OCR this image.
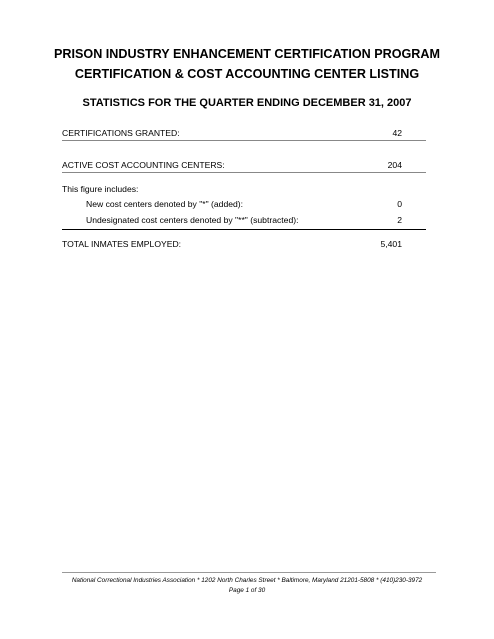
PRISON INDUSTRY ENHANCEMENT CERTIFICATION PROGRAM
CERTIFICATION & COST ACCOUNTING CENTER LISTING
STATISTICS FOR THE QUARTER ENDING DECEMBER 31, 2007
CERTIFICATIONS GRANTED:	42
ACTIVE COST ACCOUNTING CENTERS:	204
This figure includes:
New cost centers denoted by "*" (added):	0
Undesignated cost centers denoted by "**" (subtracted):	2
TOTAL INMATES EMPLOYED:	5,401
National Correctional Industries Association * 1202 North Charles Street * Baltimore, Maryland 21201-5808 * (410)230-3972
Page 1 of 30
